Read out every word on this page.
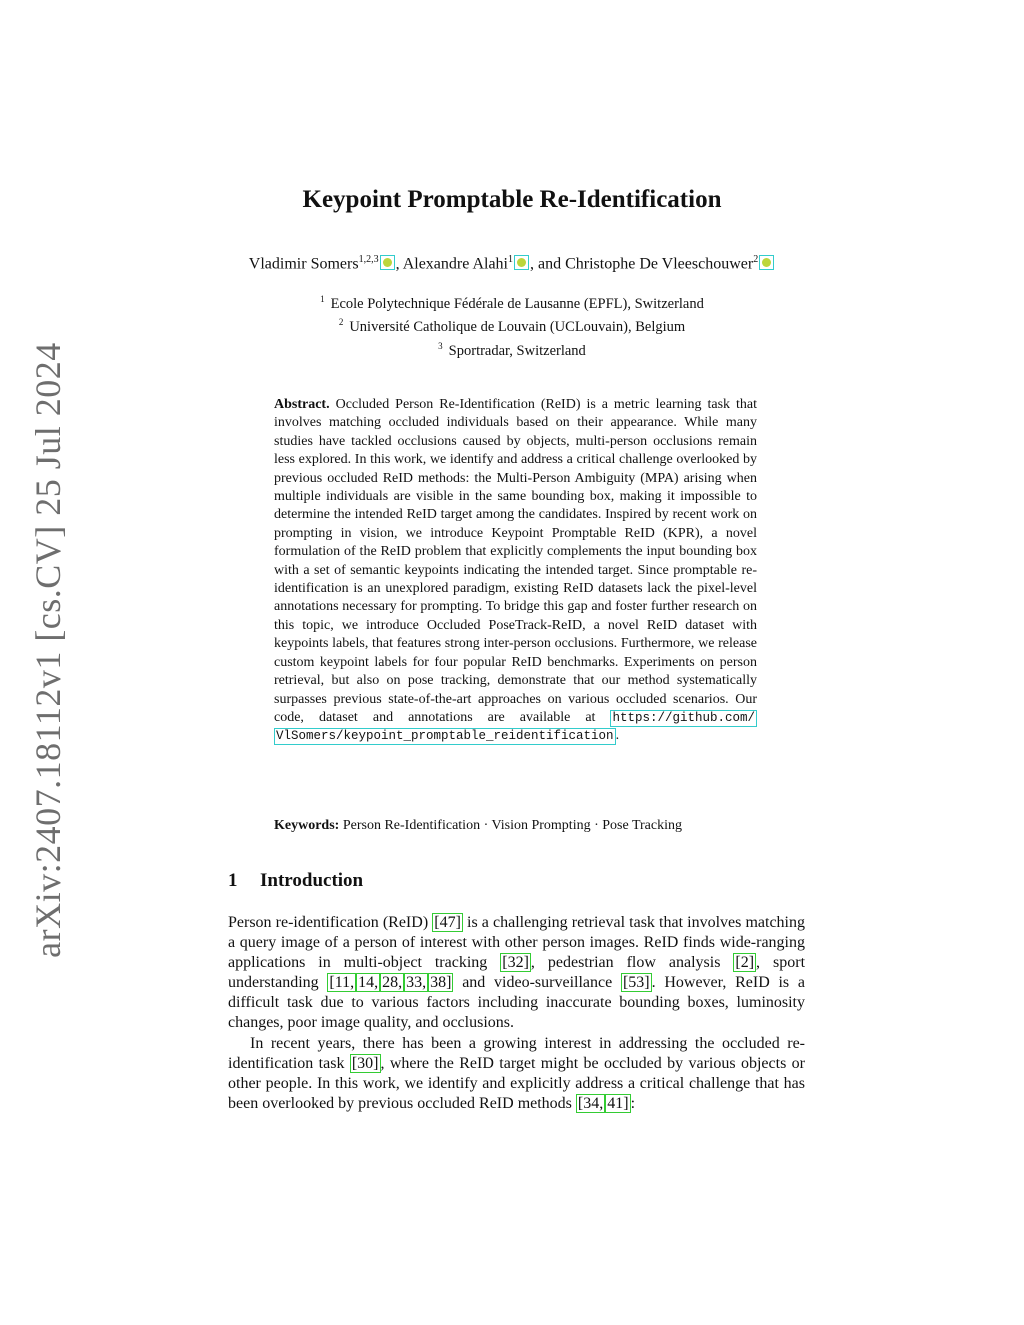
arXiv:2407.18112v1 [cs.CV] 25 Jul 2024
Keypoint Promptable Re-Identification
Vladimir Somers$^{1,2,3}$ , Alexandre Alahi$^1$ , and Christophe De Vleeschouwer$^2$
$^1$ Ecole Polytechnique Fédérale de Lausanne (EPFL), Switzerland
$^2$ Université Catholique de Louvain (UCLouvain), Belgium
$^3$ Sportradar, Switzerland
Abstract. Occluded Person Re-Identification (ReID) is a metric learning task that involves matching occluded individuals based on their appearance. While many studies have tackled occlusions caused by objects, multi-person occlusions remain less explored. In this work, we identify and address a critical challenge overlooked by previous occluded ReID methods: the Multi-Person Ambiguity (MPA) arising when multiple individuals are visible in the same bounding box, making it impossible to determine the intended ReID target among the candidates. Inspired by recent work on prompting in vision, we introduce Keypoint Promptable ReID (KPR), a novel formulation of the ReID problem that explicitly complements the input bounding box with a set of semantic keypoints indicating the intended target. Since promptable re-identification is an unexplored paradigm, existing ReID datasets lack the pixel-level annotations necessary for prompting. To bridge this gap and foster further research on this topic, we introduce Occluded PoseTrack-ReID, a novel ReID dataset with keypoints labels, that features strong inter-person occlusions. Furthermore, we release custom keypoint labels for four popular ReID benchmarks. Experiments on person retrieval, but also on pose tracking, demonstrate that our method systematically surpasses previous state-of-the-art approaches on various occluded scenarios. Our code, dataset and annotations are available at https://github.com/VlSomers/keypoint_promptable_reidentification .
Keywords: Person Re-Identification · Vision Prompting · Pose Tracking
1 Introduction

Person re-identification (ReID) [47] is a challenging retrieval task that involves matching a query image of a person of interest with other person images. ReID finds wide-ranging applications in multi-object tracking [32] , pedestrian flow analysis [2] , sport understanding [11, 14, 28, 33, 38] and video-surveillance [53] . However, ReID is a difficult task due to various factors including inaccurate bounding boxes, luminosity changes, poor image quality, and occlusions.

In recent years, there has been a growing interest in addressing the occluded re-identification task [30] , where the ReID target might be occluded by various objects or other people. In this work, we identify and explicitly address a critical challenge that has been overlooked by previous occluded ReID methods [34, 41] :
